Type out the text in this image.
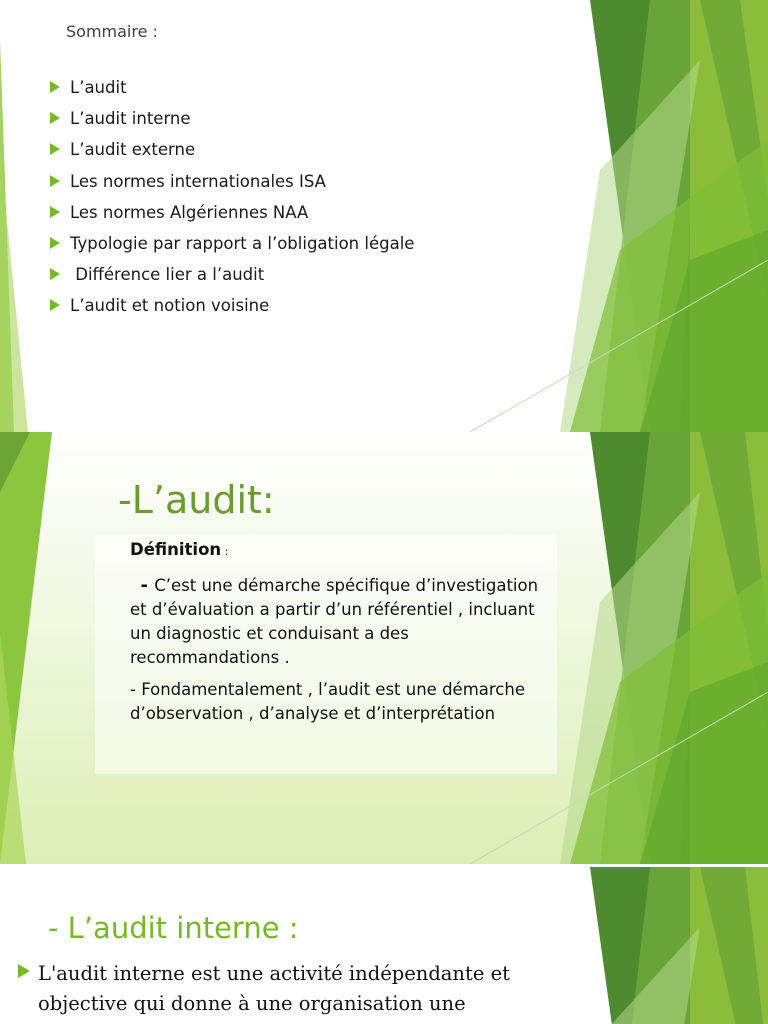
Sommaire :
L’audit
L’audit interne
L’audit externe
Les normes internationales ISA
Les normes Algériennes NAA
Typologie par rapport a l’obligation légale
Différence lier a l’audit
L’audit et notion voisine
-L’audit:
Définition :
- C’est une démarche spécifique d’investigation et d’évaluation a partir d’un référentiel , incluant un diagnostic et conduisant a des recommandations .
- Fondamentalement , l’audit est une démarche d’observation , d’analyse et d’interprétation
- L’audit interne :
L'audit interne est une activité indépendante et objective qui donne à une organisation une
